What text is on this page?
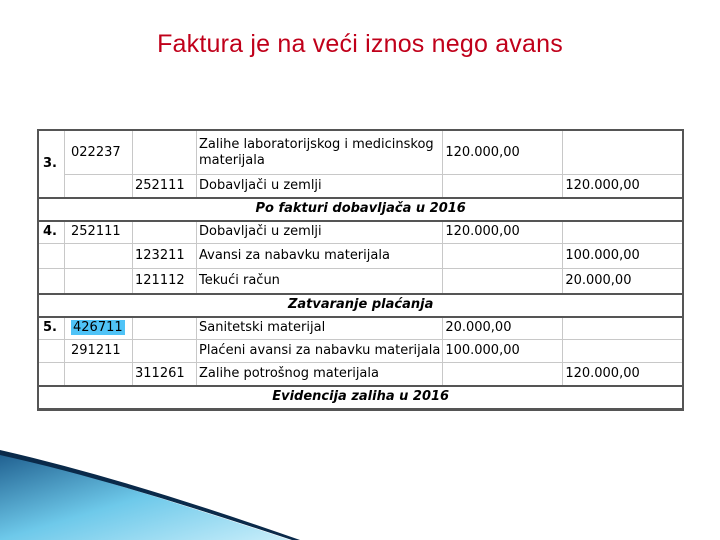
Faktura je na veći iznos nego avans
3.	022237		Zalihe laboratorijskog i medicinskog materijala	120.000,00	
		252111	Dobavljači u zemlji		120.000,00
Po fakturi dobavljača u 2016					
4.	252111		Dobavljači u zemlji	120.000,00	
		123211	Avansi za nabavku materijala		100.000,00
		121112	Tekući račun		20.000,00
Zatvaranje plaćanja					
5.	426711		Sanitetski materijal	20.000,00	
	291211		Plaćeni avansi za nabavku materijala	100.000,00	
		311261	Zalihe potrošnog materijala		120.000,00
Evidencija zaliha u 2016					
